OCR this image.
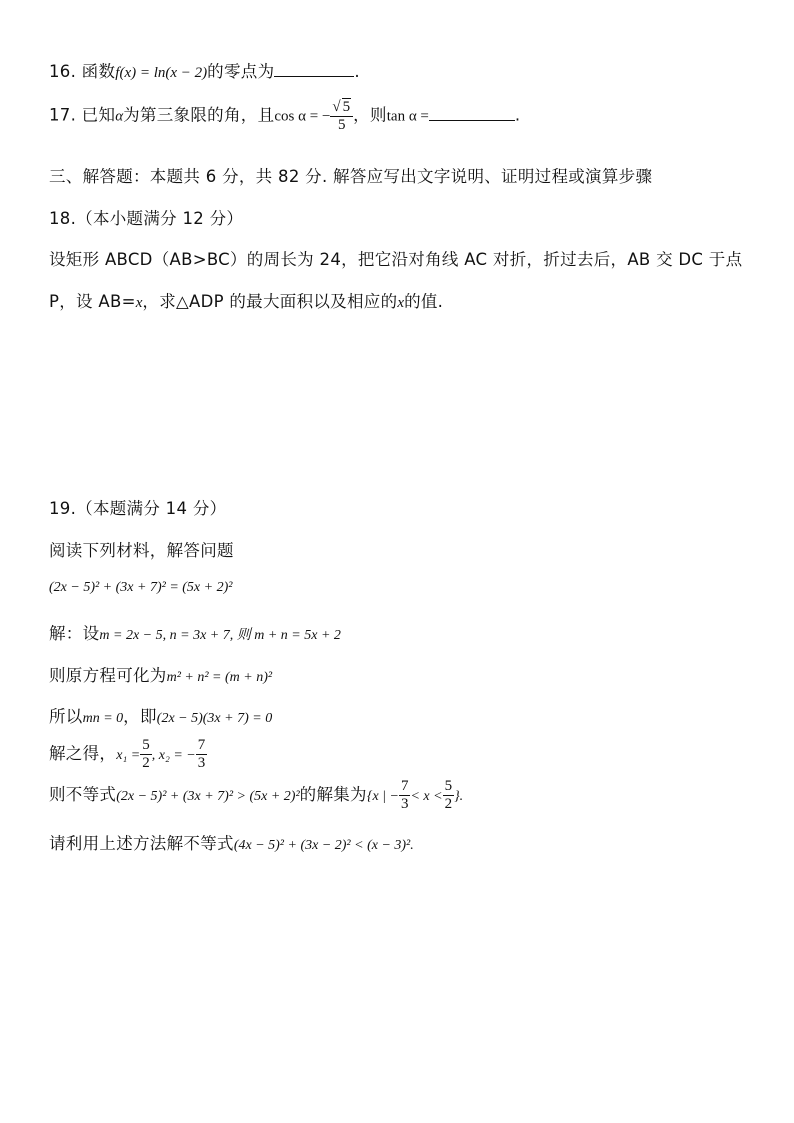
16. 函数f(x) = ln(x − 2)的零点为	.
17. 已知α为第三象限的角，且cos α = − $\frac{√ 5}{5}$ ，则tan α =	.
三、解答题：本题共 6 分，共 82 分. 解答应写出文字说明、证明过程或演算步骤
18.（本小题满分 12 分）
设矩形 ABCD（AB>BC）的周长为 24，把它沿对角线 AC 对折，折过去后，AB 交 DC 于点
P，设 AB=x，求△ADP 的最大面积以及相应的x的值.
19.（本题满分 14 分）
阅读下列材料，解答问题
(2x − 5)² + (3x + 7)² = (5x + 2)²
解：设m = 2x − 5, n = 3x + 7, 则 m + n = 5x + 2
则原方程可化为m² + n² = (m + n)²
所以mn = 0，即(2x − 5)(3x + 7) = 0
解之得，$x_1 = \frac{5}{2}$ , x₂ = − $\frac{7}{3}$
则不等式(2x − 5)² + (3x + 7)² > (5x + 2)²的解集为{x | − $\frac{7}{3} < x < \frac{5}{2}$ }.
请利用上述方法解不等式(4x − 5)² + (3x − 2)² < (x − 3)².
